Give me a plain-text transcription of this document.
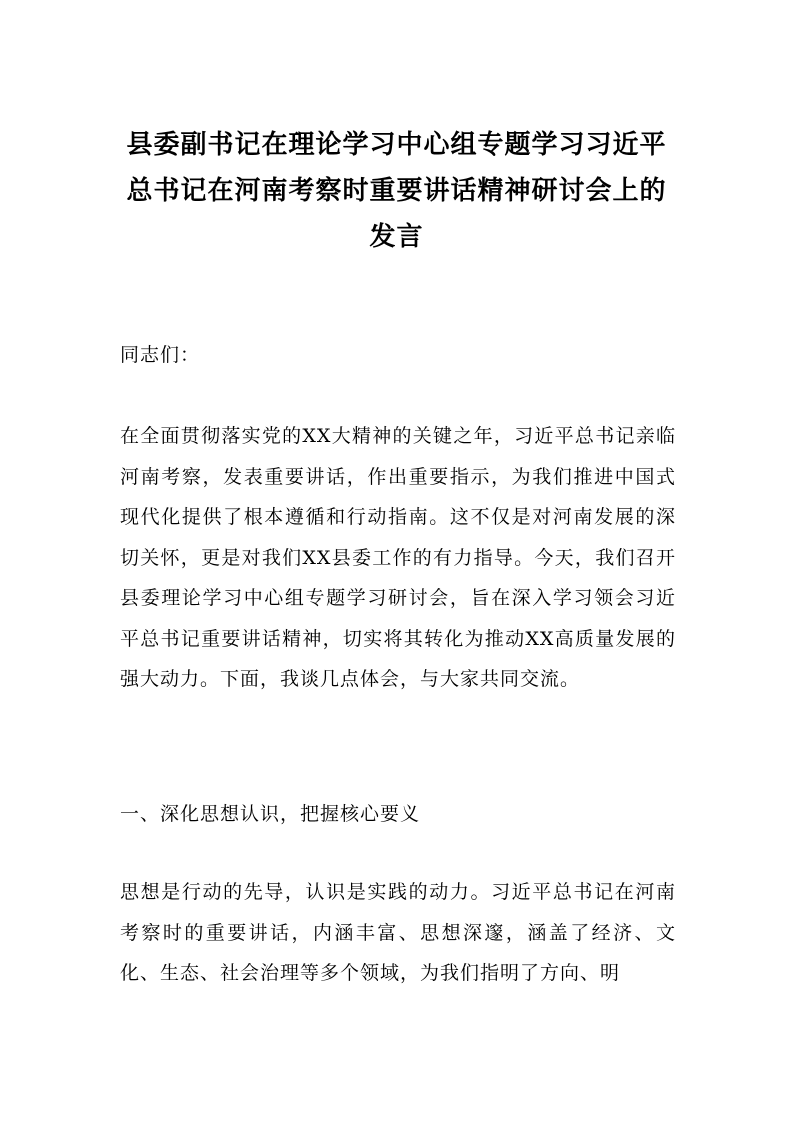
县委副书记在理论学习中心组专题学习习近平总书记在河南考察时重要讲话精神研讨会上的发言

同志们：

在全面贯彻落实党的XX大精神的关键之年，习近平总书记亲临河南考察，发表重要讲话，作出重要指示，为我们推进中国式现代化提供了根本遵循和行动指南。这不仅是对河南发展的深切关怀，更是对我们XX县委工作的有力指导。今天，我们召开县委理论学习中心组专题学习研讨会，旨在深入学习领会习近平总书记重要讲话精神，切实将其转化为推动XX高质量发展的强大动力。下面，我谈几点体会，与大家共同交流。

一、深化思想认识，把握核心要义

思想是行动的先导，认识是实践的动力。习近平总书记在河南考察时的重要讲话，内涵丰富、思想深邃，涵盖了经济、文化、生态、社会治理等多个领域，为我们指明了方向、明
